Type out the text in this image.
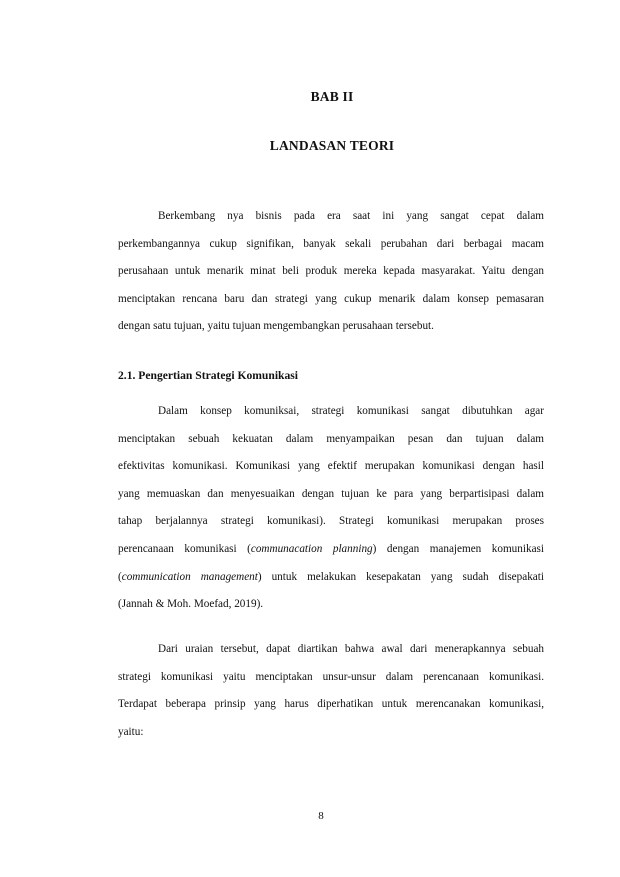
BAB II
LANDASAN TEORI
Berkembang nya bisnis pada era saat ini yang sangat cepat dalam
perkembangannya cukup signifikan, banyak sekali perubahan dari berbagai macam
perusahaan untuk menarik minat beli produk mereka kepada masyarakat. Yaitu dengan
menciptakan rencana baru dan strategi yang cukup menarik dalam konsep pemasaran
dengan satu tujuan, yaitu tujuan mengembangkan perusahaan tersebut.
2.1. Pengertian Strategi Komunikasi
Dalam konsep komuniksai, strategi komunikasi sangat dibutuhkan agar
menciptakan sebuah kekuatan dalam menyampaikan pesan dan tujuan dalam
efektivitas komunikasi. Komunikasi yang efektif merupakan komunikasi dengan hasil
yang memuaskan dan menyesuaikan dengan tujuan ke para yang berpartisipasi dalam
tahap berjalannya strategi komunikasi). Strategi komunikasi merupakan proses
perencanaan komunikasi (communacation planning) dengan manajemen komunikasi
(communication management) untuk melakukan kesepakatan yang sudah disepakati
(Jannah & Moh. Moefad, 2019).
Dari uraian tersebut, dapat diartikan bahwa awal dari menerapkannya sebuah
strategi komunikasi yaitu menciptakan unsur-unsur dalam perencanaan komunikasi.
Terdapat beberapa prinsip yang harus diperhatikan untuk merencanakan komunikasi,
yaitu:
8
